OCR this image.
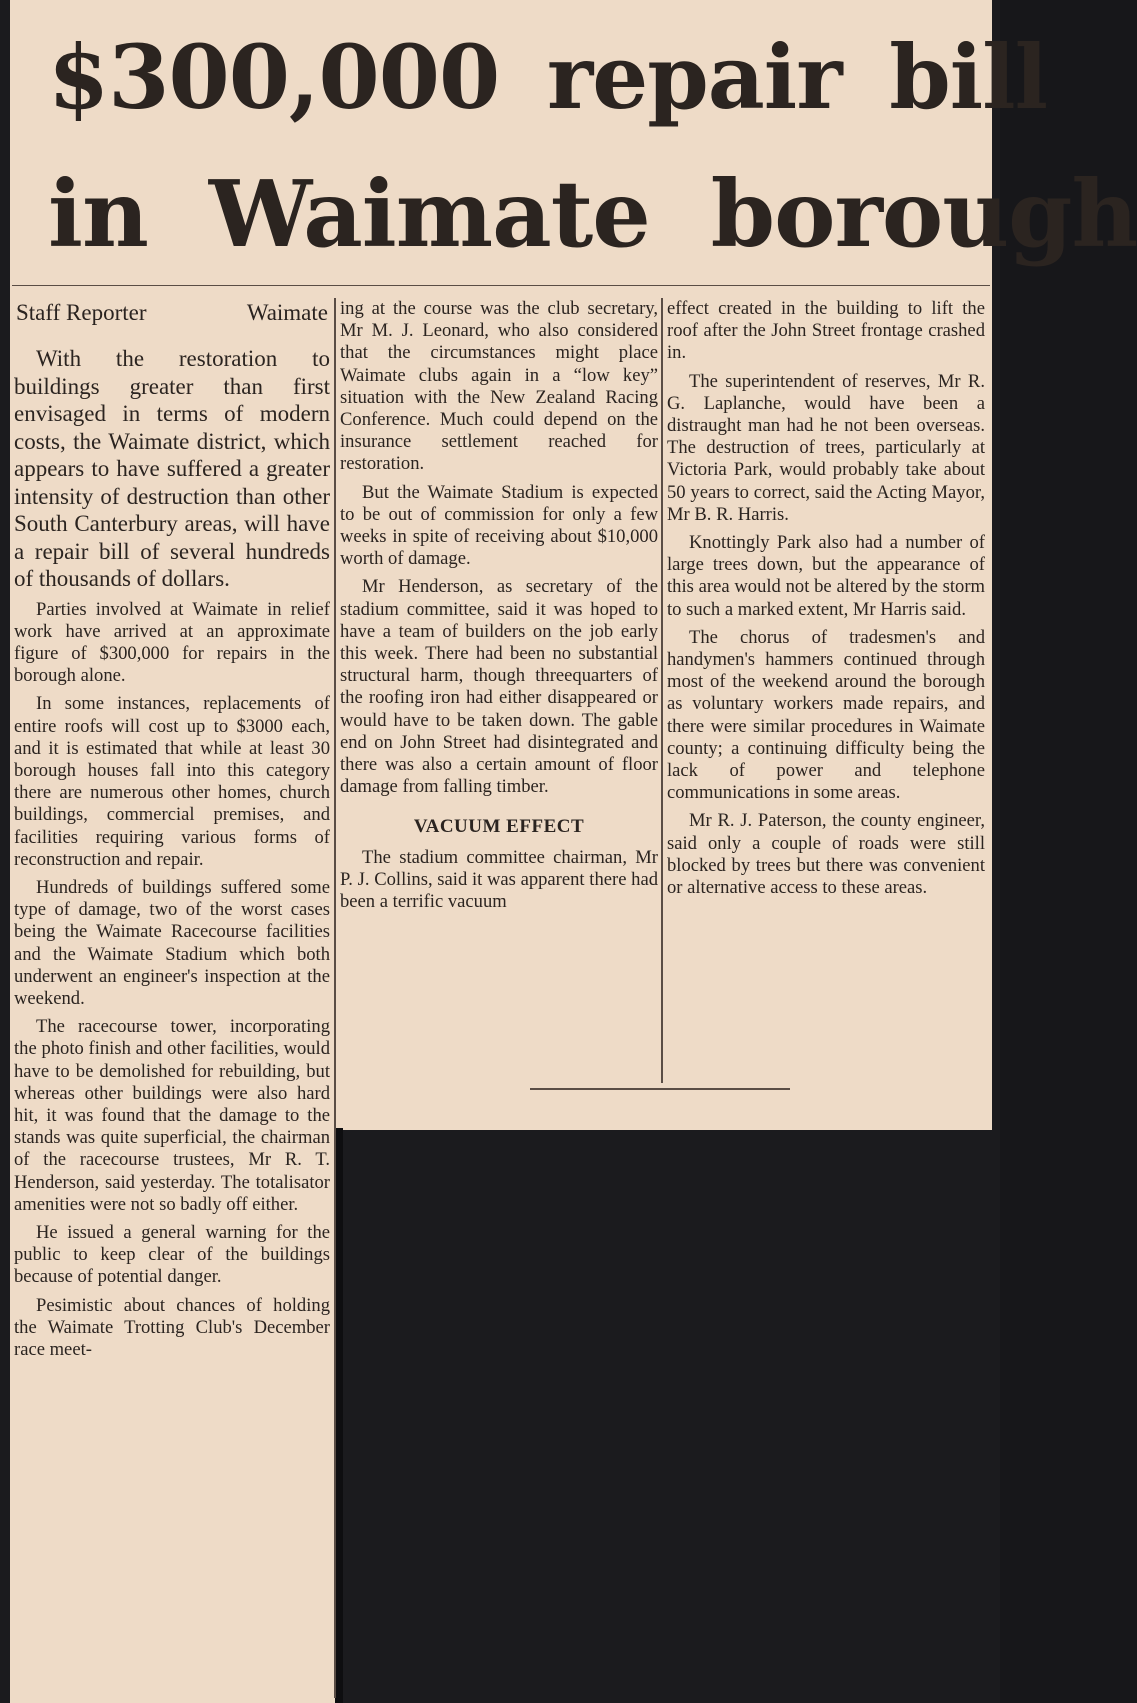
$300,000 repair bill
in Waimate borough
Staff Reporter	Waimate

With the restoration to buildings greater than first envisaged in terms of modern costs, the Waimate district, which appears to have suffered a greater intensity of destruction than other South Canterbury areas, will have a repair bill of several hundreds of thousands of dollars.

Parties involved at Waimate in relief work have arrived at an approximate figure of $300,000 for repairs in the borough alone.

In some instances, replacements of entire roofs will cost up to $3000 each, and it is estimated that while at least 30 borough houses fall into this category there are numerous other homes, church buildings, commercial premises, and facilities requiring various forms of reconstruction and repair.

Hundreds of buildings suffered some type of damage, two of the worst cases being the Waimate Racecourse facilities and the Waimate Stadium which both underwent an engineer's inspection at the weekend.

The racecourse tower, incorporating the photo finish and other facilities, would have to be demolished for rebuilding, but whereas other buildings were also hard hit, it was found that the damage to the stands was quite superficial, the chairman of the racecourse trustees, Mr R. T. Henderson, said yesterday. The totalisator amenities were not so badly off either.

He issued a general warning for the public to keep clear of the buildings because of potential danger.

Pesimistic about chances of holding the Waimate Trotting Club's December race meet-

ing at the course was the club secretary, Mr M. J. Leonard, who also considered that the circumstances might place Waimate clubs again in a “low key” situation with the New Zealand Racing Conference. Much could depend on the insurance settlement reached for restoration.

But the Waimate Stadium is expected to be out of commission for only a few weeks in spite of receiving about $10,000 worth of damage.

Mr Henderson, as secretary of the stadium committee, said it was hoped to have a team of builders on the job early this week. There had been no substantial structural harm, though threequarters of the roofing iron had either disappeared or would have to be taken down. The gable end on John Street had disintegrated and there was also a certain amount of floor damage from falling timber.

VACUUM EFFECT

The stadium committee chairman, Mr P. J. Collins, said it was apparent there had been a terrific vacuum

effect created in the building to lift the roof after the John Street frontage crashed in.

The superintendent of reserves, Mr R. G. Laplanche, would have been a distraught man had he not been overseas. The destruction of trees, particularly at Victoria Park, would probably take about 50 years to correct, said the Acting Mayor, Mr B. R. Harris.

Knottingly Park also had a number of large trees down, but the appearance of this area would not be altered by the storm to such a marked extent, Mr Harris said.

The chorus of tradesmen's and handymen's hammers continued through most of the weekend around the borough as voluntary workers made repairs, and there were similar procedures in Waimate county; a continuing difficulty being the lack of power and telephone communications in some areas.

Mr R. J. Paterson, the county engineer, said only a couple of roads were still blocked by trees but there was convenient or alternative access to these areas.
